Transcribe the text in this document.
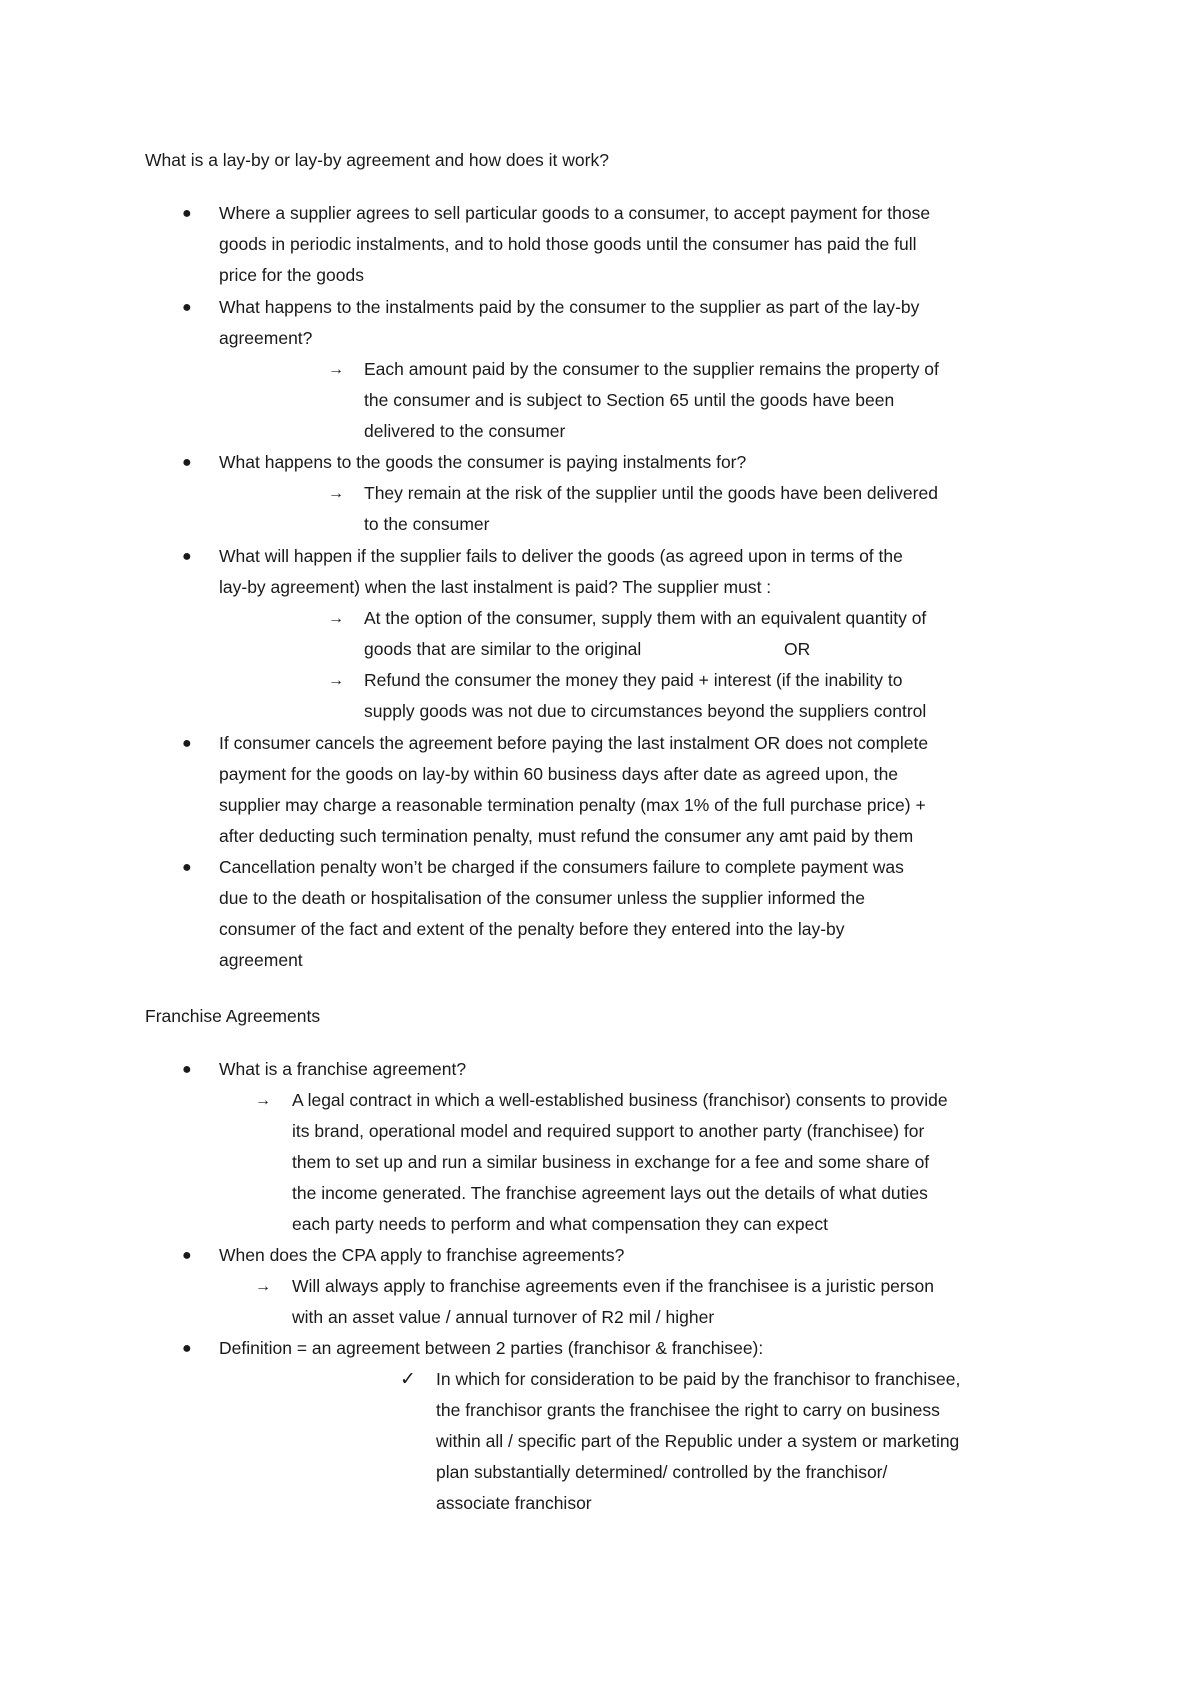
What is a lay-by or lay-by agreement and how does it work?
● Where a supplier agrees to sell particular goods to a consumer, to accept payment for those
goods in periodic instalments, and to hold those goods until the consumer has paid the full
price for the goods
● What happens to the instalments paid by the consumer to the supplier as part of the lay-by
agreement?
→ Each amount paid by the consumer to the supplier remains the property of
the consumer and is subject to Section 65 until the goods have been
delivered to the consumer
● What happens to the goods the consumer is paying instalments for?
→ They remain at the risk of the supplier until the goods have been delivered
to the consumer
● What will happen if the supplier fails to deliver the goods (as agreed upon in terms of the
lay-by agreement) when the last instalment is paid? The supplier must :
→ At the option of the consumer, supply them with an equivalent quantity of
goods that are similar to the original	OR
→ Refund the consumer the money they paid + interest (if the inability to
supply goods was not due to circumstances beyond the suppliers control
● If consumer cancels the agreement before paying the last instalment OR does not complete
payment for the goods on lay-by within 60 business days after date as agreed upon, the
supplier may charge a reasonable termination penalty (max 1% of the full purchase price) +
after deducting such termination penalty, must refund the consumer any amt paid by them
● Cancellation penalty won’t be charged if the consumers failure to complete payment was
due to the death or hospitalisation of the consumer unless the supplier informed the
consumer of the fact and extent of the penalty before they entered into the lay-by
agreement
Franchise Agreements
● What is a franchise agreement?
→ A legal contract in which a well-established business (franchisor) consents to provide
its brand, operational model and required support to another party (franchisee) for
them to set up and run a similar business in exchange for a fee and some share of
the income generated. The franchise agreement lays out the details of what duties
each party needs to perform and what compensation they can expect
● When does the CPA apply to franchise agreements?
→ Will always apply to franchise agreements even if the franchisee is a juristic person
with an asset value / annual turnover of R2 mil / higher
● Definition = an agreement between 2 parties (franchisor & franchisee):
✓ In which for consideration to be paid by the franchisor to franchisee,
the franchisor grants the franchisee the right to carry on business
within all / specific part of the Republic under a system or marketing
plan substantially determined/ controlled by the franchisor/
associate franchisor
